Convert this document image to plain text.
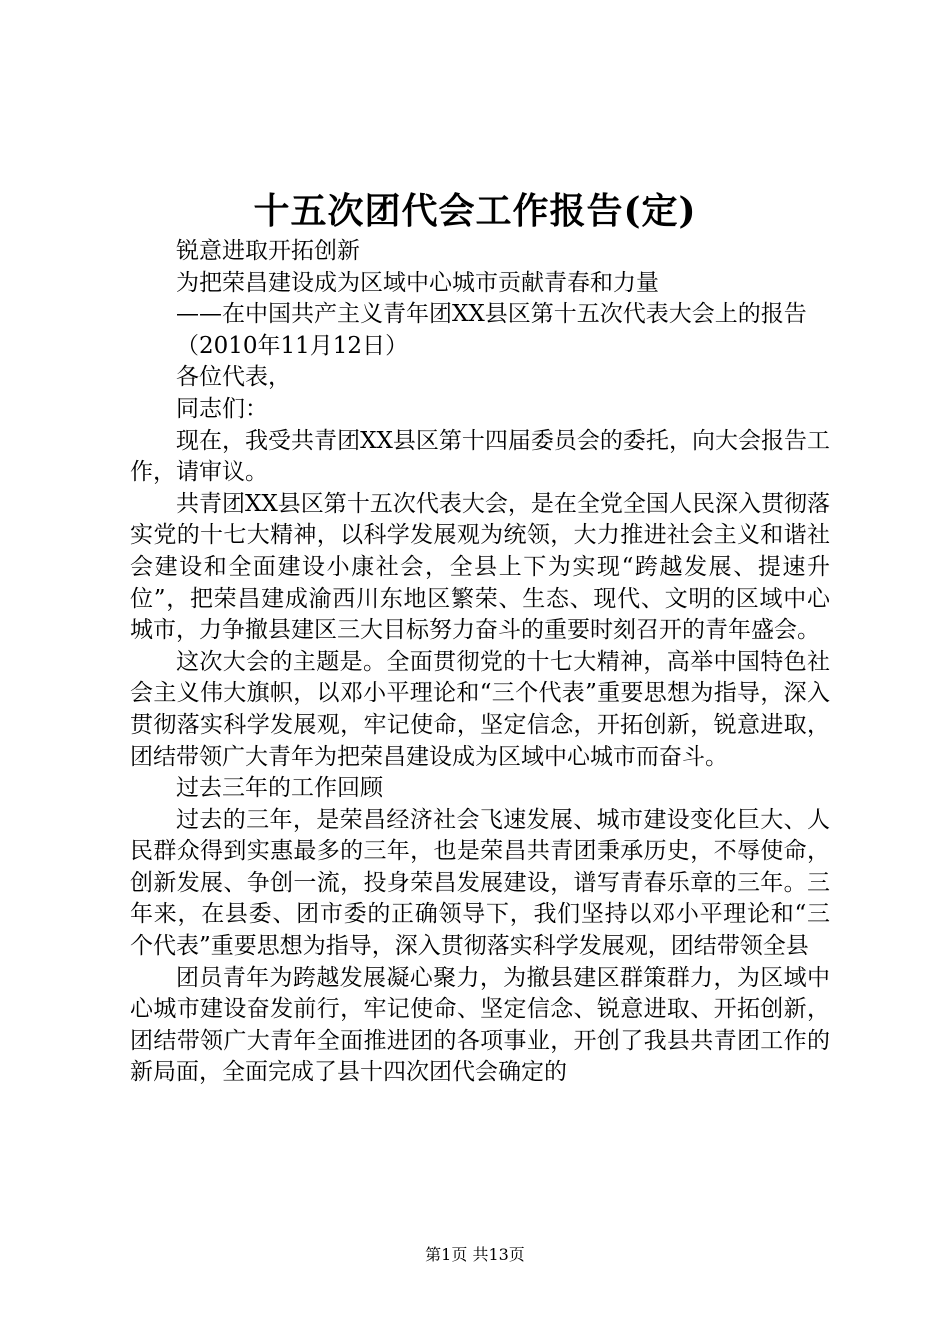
十五次团代会工作报告(定)

锐意进取开拓创新

为把荣昌建设成为区域中心城市贡献青春和力量

——在中国共产主义青年团XX县区第十五次代表大会上的报告

（2010年11月12日）

各位代表，

同志们：

现在，我受共青团XX县区第十四届委员会的委托，向大会报告工作，请审议。

共青团XX县区第十五次代表大会，是在全党全国人民深入贯彻落实党的十七大精神，以科学发展观为统领，大力推进社会主义和谐社会建设和全面建设小康社会，全县上下为实现“跨越发展、提速升位”，把荣昌建成渝西川东地区繁荣、生态、现代、文明的区域中心城市，力争撤县建区三大目标努力奋斗的重要时刻召开的青年盛会。

这次大会的主题是。全面贯彻党的十七大精神，高举中国特色社会主义伟大旗帜，以邓小平理论和“三个代表”重要思想为指导，深入贯彻落实科学发展观，牢记使命，坚定信念，开拓创新，锐意进取，团结带领广大青年为把荣昌建设成为区域中心城市而奋斗。

过去三年的工作回顾

过去的三年，是荣昌经济社会飞速发展、城市建设变化巨大、人民群众得到实惠最多的三年，也是荣昌共青团秉承历史，不辱使命，创新发展、争创一流，投身荣昌发展建设，谱写青春乐章的三年。三年来，在县委、团市委的正确领导下，我们坚持以邓小平理论和“三个代表”重要思想为指导，深入贯彻落实科学发展观，团结带领全县

团员青年为跨越发展凝心聚力，为撤县建区群策群力，为区域中心城市建设奋发前行，牢记使命、坚定信念、锐意进取、开拓创新，团结带领广大青年全面推进团的各项事业，开创了我县共青团工作的新局面，全面完成了县十四次团代会确定的

第1页 共13页
